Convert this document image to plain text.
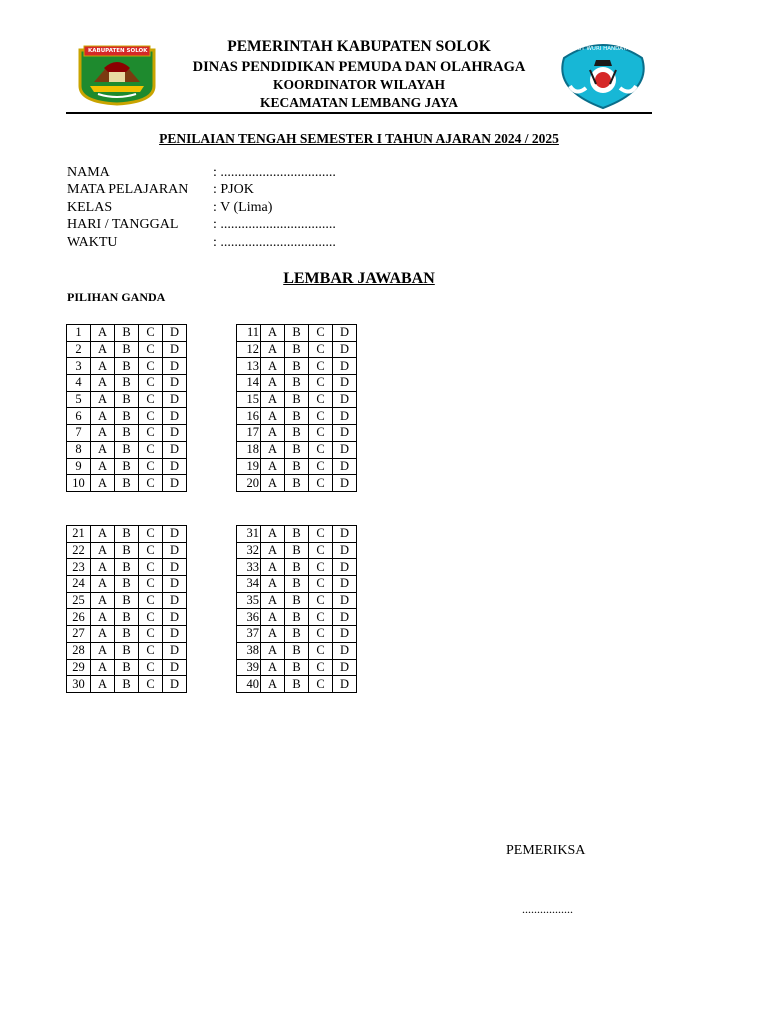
KABUPATEN SOLOK	TUT WURI HANDAYANI
PEMERINTAH KABUPATEN SOLOK
DINAS PENDIDIKAN PEMUDA DAN OLAHRAGA
KOORDINATOR WILAYAH
KECAMATAN LEMBANG JAYA
PENILAIAN TENGAH SEMESTER I TAHUN AJARAN 2024 / 2025
NAMA	: .................................
MATA PELAJARAN : PJOK
KELAS	: V (Lima)
HARI / TANGGAL : .................................
WAKTU	: .................................
LEMBAR JAWABAN
PILIHAN GANDA
1	A	B	C	D
2	A	B	C	D
3	A	B	C	D
4	A	B	C	D
5	A	B	C	D
6	A	B	C	D
7	A	B	C	D
8	A	B	C	D
9	A	B	C	D
10	A	B	C	D
11	A	B	C	D
12	A	B	C	D
13	A	B	C	D
14	A	B	C	D
15	A	B	C	D
16	A	B	C	D
17	A	B	C	D
18	A	B	C	D
19	A	B	C	D
20	A	B	C	D
21	A	B	C	D
22	A	B	C	D
23	A	B	C	D
24	A	B	C	D
25	A	B	C	D
26	A	B	C	D
27	A	B	C	D
28	A	B	C	D
29	A	B	C	D
30	A	B	C	D
31	A	B	C	D
32	A	B	C	D
33	A	B	C	D
34	A	B	C	D
35	A	B	C	D
36	A	B	C	D
37	A	B	C	D
38	A	B	C	D
39	A	B	C	D
40	A	B	C	D
PEMERIKSA
.................
